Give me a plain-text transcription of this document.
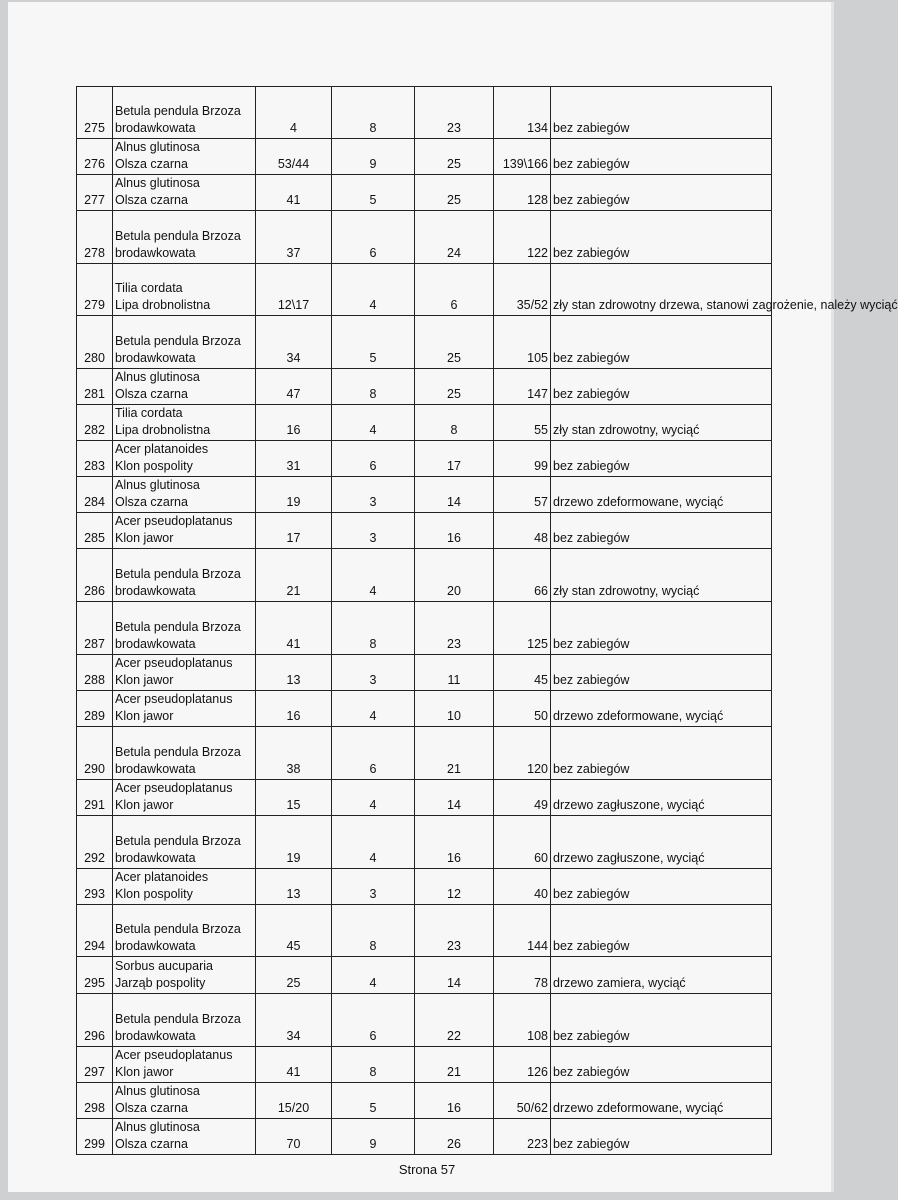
275	Betula pendula Brzoza
brodawkowata	4	8	23	134	bez zabiegów
276	Alnus glutinosa
Olsza czarna	53/44	9	25	139\166	bez zabiegów
277	Alnus glutinosa
Olsza czarna	41	5	25	128	bez zabiegów
278	Betula pendula Brzoza
brodawkowata	37	6	24	122	bez zabiegów
279	Tilia cordata
Lipa drobnolistna	12\17	4	6	35/52	zły stan zdrowotny drzewa, stanowi zagrożenie, należy wyciąć
280	Betula pendula Brzoza
brodawkowata	34	5	25	105	bez zabiegów
281	Alnus glutinosa
Olsza czarna	47	8	25	147	bez zabiegów
282	Tilia cordata
Lipa drobnolistna	16	4	8	55	zły stan zdrowotny, wyciąć
283	Acer platanoides
Klon pospolity	31	6	17	99	bez zabiegów
284	Alnus glutinosa
Olsza czarna	19	3	14	57	drzewo zdeformowane, wyciąć
285	Acer pseudoplatanus
Klon jawor	17	3	16	48	bez zabiegów
286	Betula pendula Brzoza
brodawkowata	21	4	20	66	zły stan zdrowotny, wyciąć
287	Betula pendula Brzoza
brodawkowata	41	8	23	125	bez zabiegów
288	Acer pseudoplatanus
Klon jawor	13	3	11	45	bez zabiegów
289	Acer pseudoplatanus
Klon jawor	16	4	10	50	drzewo zdeformowane, wyciąć
290	Betula pendula Brzoza
brodawkowata	38	6	21	120	bez zabiegów
291	Acer pseudoplatanus
Klon jawor	15	4	14	49	drzewo zagłuszone, wyciąć
292	Betula pendula Brzoza
brodawkowata	19	4	16	60	drzewo zagłuszone, wyciąć
293	Acer platanoides
Klon pospolity	13	3	12	40	bez zabiegów
294	Betula pendula Brzoza
brodawkowata	45	8	23	144	bez zabiegów
295	Sorbus aucuparia
Jarząb pospolity	25	4	14	78	drzewo zamiera, wyciąć
296	Betula pendula Brzoza
brodawkowata	34	6	22	108	bez zabiegów
297	Acer pseudoplatanus
Klon jawor	41	8	21	126	bez zabiegów
298	Alnus glutinosa
Olsza czarna	15/20	5	16	50/62	drzewo zdeformowane, wyciąć
299	Alnus glutinosa
Olsza czarna	70	9	26	223	bez zabiegów
Strona 57
